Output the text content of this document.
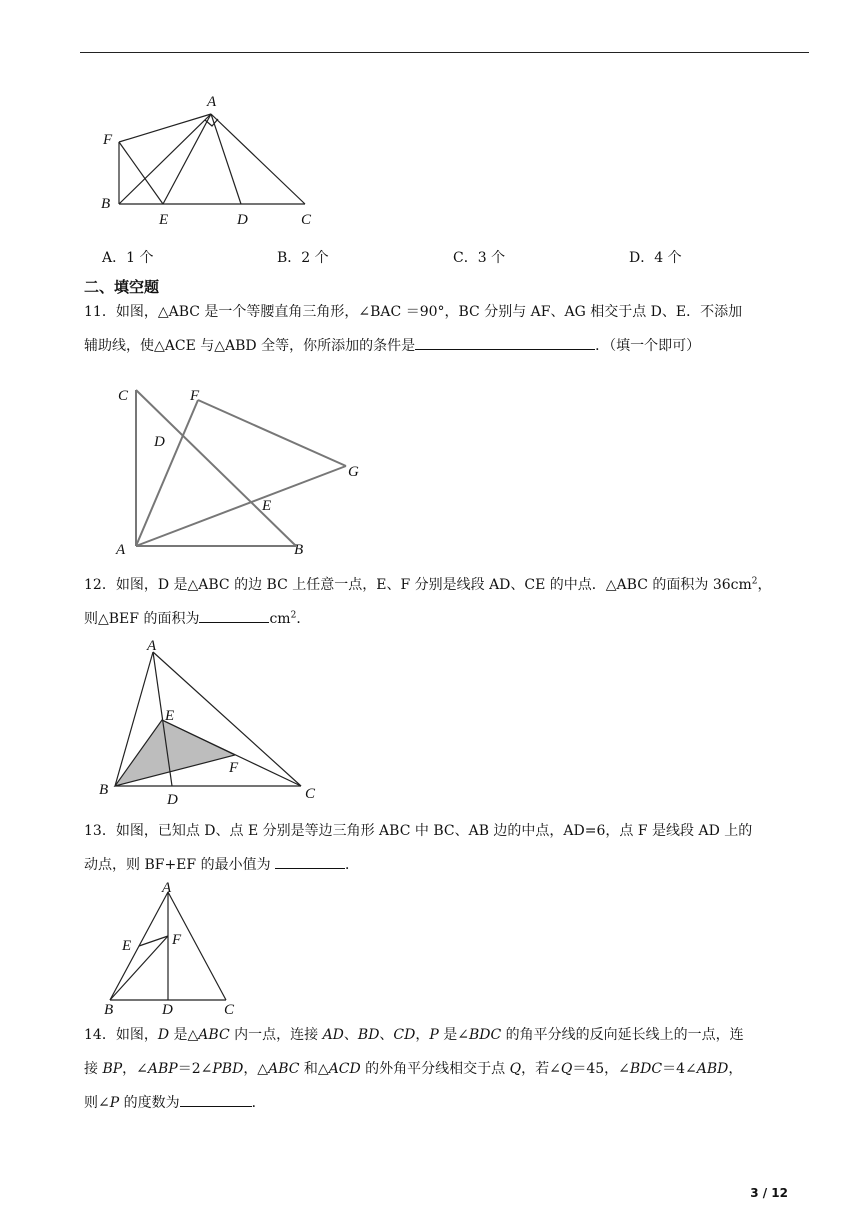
A
F
B
E	D	C
A．1 个	B．2 个	C．3 个	D．4 个
二、填空题
11．如图，△ABC 是一个等腰直角三角形，∠BAC ＝90°，BC 分别与 AF、AG 相交于点 D、E．不添加
辅助线，使△ACE 与△ABD 全等，你所添加的条件是	．（填一个即可）
C	F
D
G
E
A	B
12．如图，D 是△ABC 的边 BC 上任意一点，E、F 分别是线段 AD、CE 的中点．△ABC 的面积为 $36cm^2$，
则△BEF 的面积为	$cm^2$．
A
E
F
B
D	C
13．如图，已知点 D、点 E 分别是等边三角形 ABC 中 BC、AB 边的中点，AD=6，点 F 是线段 AD 上的
动点，则 BF+EF 的最小值为	．
A
E	F
B	D	C
14．如图，D 是△ABC 内一点，连接 AD、BD、CD，P 是∠BDC 的角平分线的反向延长线上的一点，连
接 BP，∠ABP＝2∠PBD，△ABC 和△ACD 的外角平分线相交于点 Q，若∠Q＝45，∠BDC＝4∠ABD，
则∠P 的度数为	．
3 / 12
